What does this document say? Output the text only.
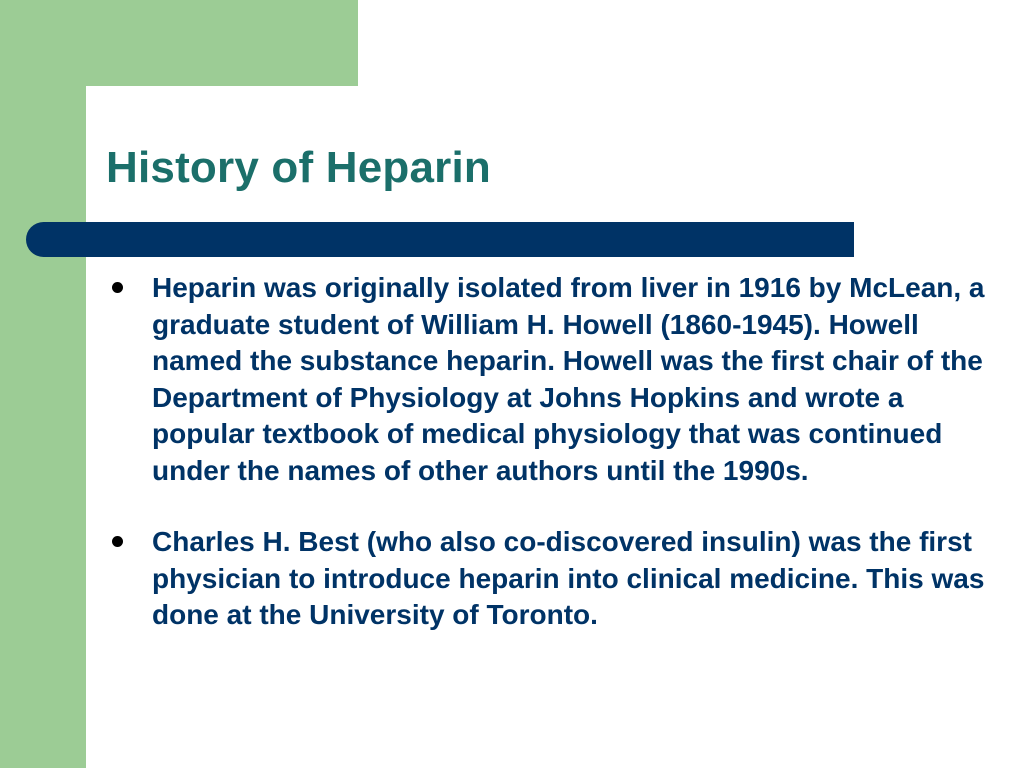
History of Heparin
Heparin was originally isolated from liver in 1916 by McLean, a graduate student of William H. Howell (1860-1945). Howell named the substance heparin. Howell was the first chair of the Department of Physiology at Johns Hopkins and wrote a popular textbook of medical physiology that was continued under the names of other authors until the 1990s.
Charles H. Best (who also co-discovered insulin) was the first physician to introduce heparin into clinical medicine. This was done at the University of Toronto.
